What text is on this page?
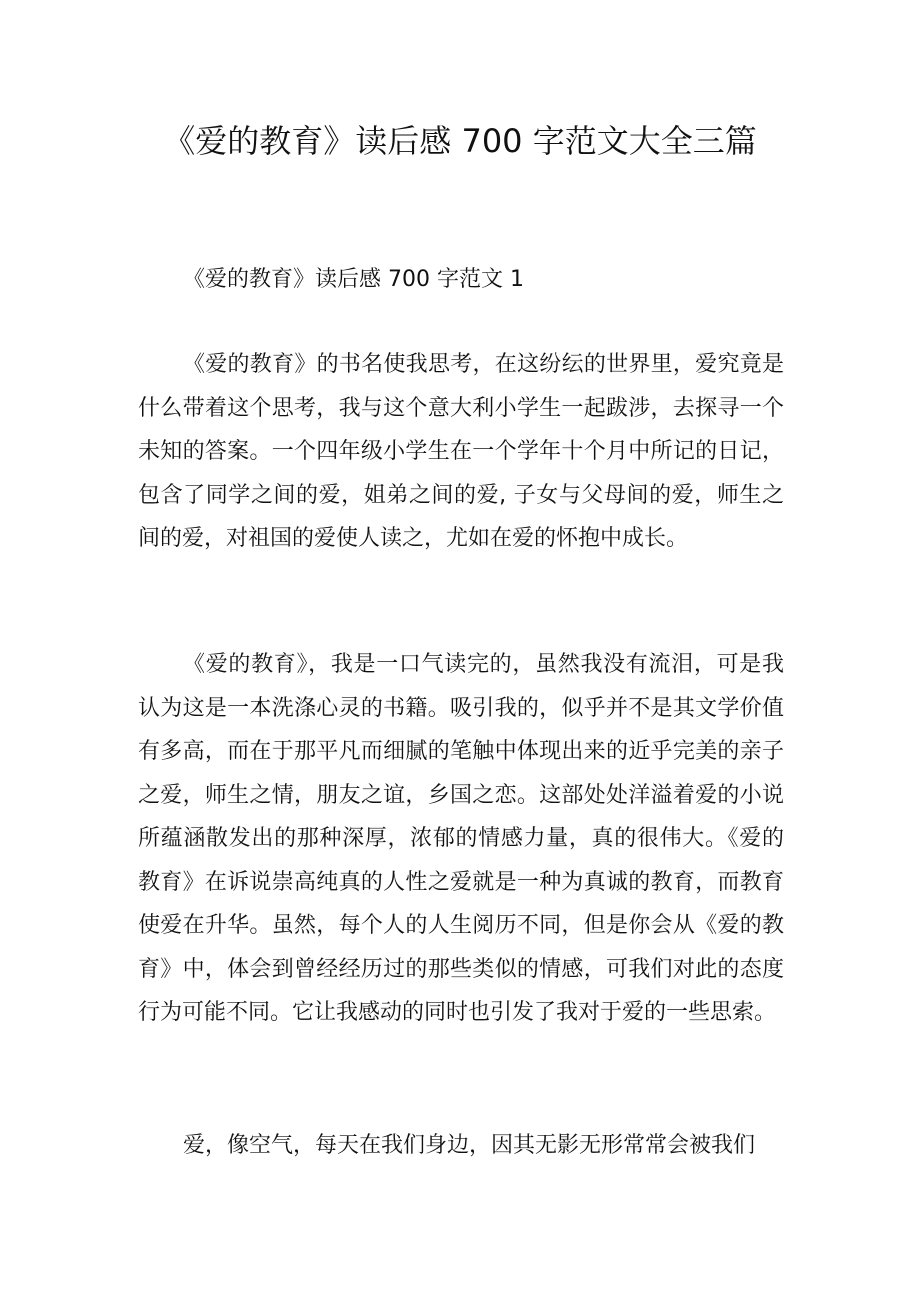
《爱的教育》读后感 700 字范文大全三篇

《爱的教育》读后感 700 字范文 1

《爱的教育》的书名使我思考，在这纷纭的世界里，爱究竟是什么带着这个思考，我与这个意大利小学生一起跋涉，去探寻一个未知的答案。一个四年级小学生在一个学年十个月中所记的日记，包含了同学之间的爱，姐弟之间的爱, 子女与父母间的爱，师生之间的爱，对祖国的爱使人读之，尤如在爱的怀抱中成长。

《爱的教育》，我是一口气读完的，虽然我没有流泪，可是我认为这是一本洗涤心灵的书籍。吸引我的，似乎并不是其文学价值有多高，而在于那平凡而细腻的笔触中体现出来的近乎完美的亲子之爱，师生之情，朋友之谊，乡国之恋。这部处处洋溢着爱的小说所蕴涵散发出的那种深厚，浓郁的情感力量，真的很伟大。《爱的教育》在诉说崇高纯真的人性之爱就是一种为真诚的教育，而教育使爱在升华。虽然，每个人的人生阅历不同，但是你会从《爱的教育》中，体会到曾经经历过的那些类似的情感，可我们对此的态度行为可能不同。它让我感动的同时也引发了我对于爱的一些思索。

爱，像空气，每天在我们身边，因其无影无形常常会被我们
